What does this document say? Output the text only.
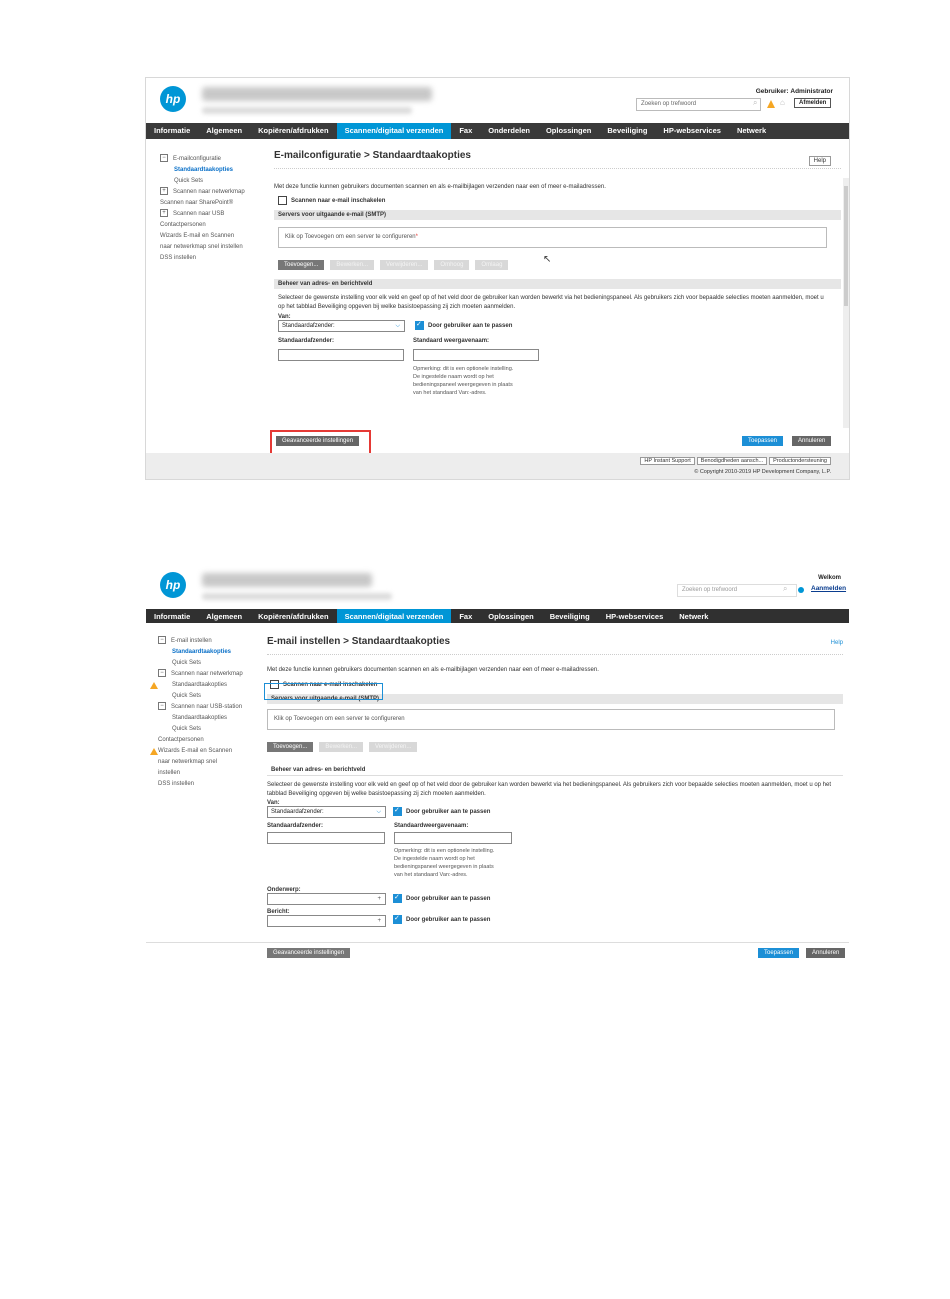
hp
Gebruiker: Administrator
Zoeken op trefwoord	⌕	⌂	Afmelden
Informatie	Algemeen	Kopiëren/afdrukken	Scannen/digitaal verzenden	Fax	Onderdelen	Oplossingen	Beveiliging	HP-webservices	Netwerk
− E-mailconfiguratie
Standaardtaakopties
Quick Sets
+ Scannen naar netwerkmap
Scannen naar SharePoint®
+ Scannen naar USB
Contactpersonen
Wizards E-mail en Scannen
naar netwerkmap snel instellen
DSS instellen
E-mailconfiguratie > Standaardtaakopties	Help
Met deze functie kunnen gebruikers documenten scannen en als e-mailbijlagen verzenden naar een of meer e-mailadressen.
Scannen naar e-mail inschakelen
Servers voor uitgaande e-mail (SMTP)
Klik op Toevoegen om een server te configureren*
Toevoegen...	Bewerken...	Verwijderen...	Omhoog	Omlaag
Beheer van adres- en berichtveld
Selecteer de gewenste instelling voor elk veld en geef op of het veld door de gebruiker kan worden bewerkt via het bedieningspaneel. Als gebruikers zich voor bepaalde selecties moeten aanmelden, moet u op het tabblad Beveiliging opgeven bij welke basistoepassing zij zich moeten aanmelden.
Van:
Standaardafzender:	⌵ ✓	Door gebruiker aan te passen
Standaardafzender:	Standaard weergavenaam:
Opmerking: dit is een optionele instelling.
De ingestelde naam wordt op het
bedieningspaneel weergegeven in plaats
van het standaard Van:-adres.
Geavanceerde instellingen	Toepassen	Annuleren
↖
HP Instant Support Benodigdheden aansch... Productondersteuning
© Copyright 2010-2019 HP Development Company, L.P.
hp	Welkom
Zoeken op trefwoord	⌕	Aanmelden
Informatie	Algemeen	Kopiëren/afdrukken	Scannen/digitaal verzenden	Fax	Oplossingen	Beveiliging	HP-webservices	Netwerk
− E-mail instellen
Standaardtaakopties
Quick Sets
− Scannen naar netwerkmap
Standaardtaakopties
Quick Sets
− Scannen naar USB-station
Standaardtaakopties
Quick Sets
Contactpersonen
Wizards E-mail en Scannen
naar netwerkmap snel
instellen
DSS instellen
E-mail instellen > Standaardtaakopties	Help
Met deze functie kunnen gebruikers documenten scannen en als e-mailbijlagen verzenden naar een of meer e-mailadressen.
Scannen naar e-mail inschakelen
Servers voor uitgaande e-mail (SMTP)
Klik op Toevoegen om een server te configureren
Toevoegen...	Bewerken...	Verwijderen...
Beheer van adres- en berichtveld
Selecteer de gewenste instelling voor elk veld en geef op of het veld door de gebruiker kan worden bewerkt via het bedieningspaneel. Als gebruikers zich voor bepaalde selecties moeten aanmelden, moet u op het tabblad Beveiliging opgeven bij welke basistoepassing zij zich moeten aanmelden.
Van:
Standaardafzender:	⌵ ✓	Door gebruiker aan te passen
Standaardafzender:	Standaardweergavenaam:
Opmerking: dit is een optionele instelling.
De ingestelde naam wordt op het
bedieningspaneel weergegeven in plaats
van het standaard Van:-adres.
Onderwerp:
+ ✓	Door gebruiker aan te passen
Bericht:
+ ✓	Door gebruiker aan te passen
Geavanceerde instellingen	Toepassen	Annuleren
